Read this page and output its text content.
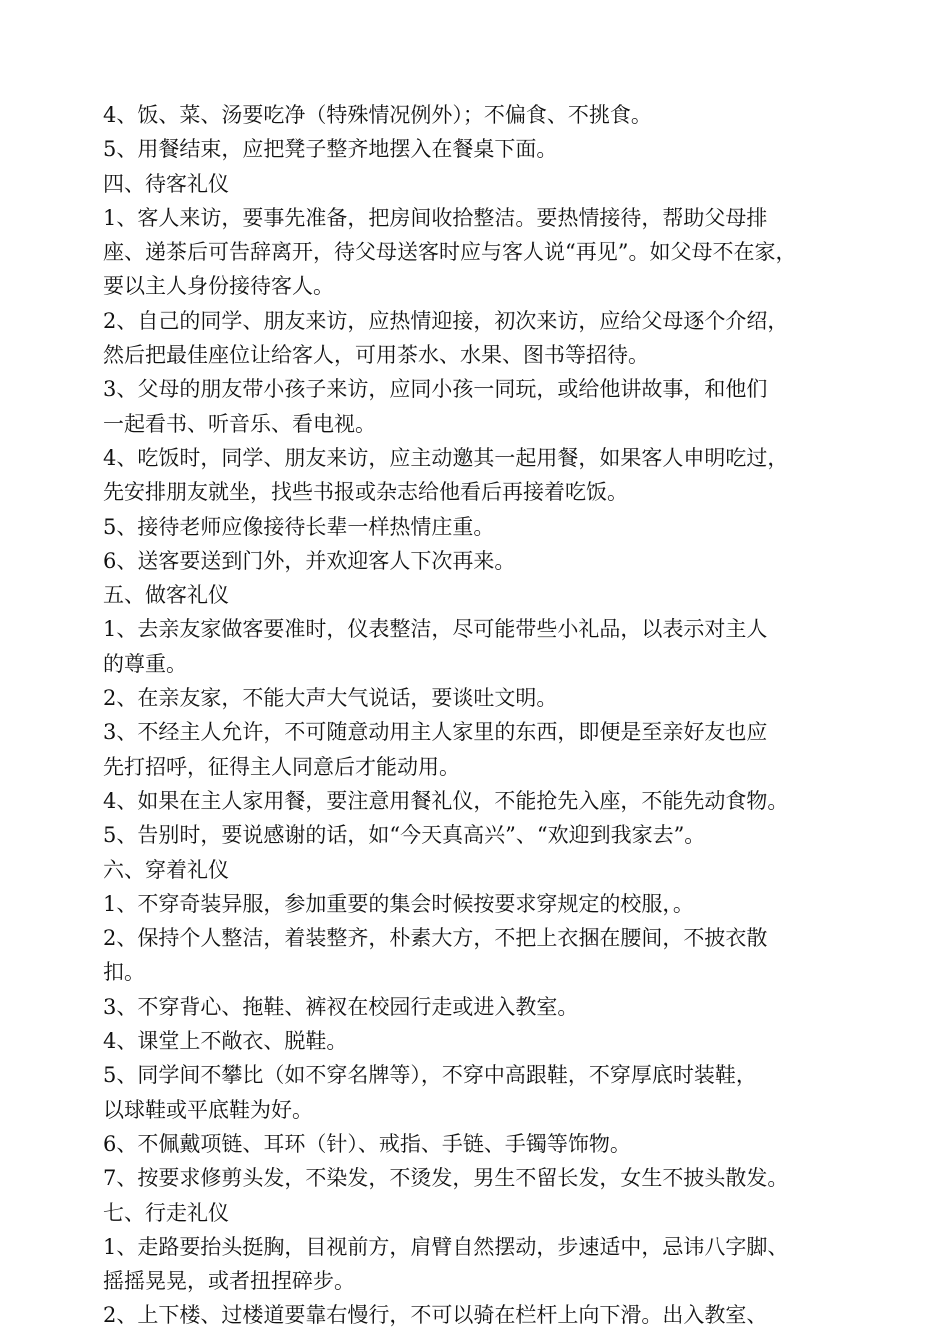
4、饭、菜、汤要吃净（特殊情况例外）；不偏食、不挑食。
5、用餐结束，应把凳子整齐地摆入在餐桌下面。
四、待客礼仪
1、客人来访，要事先准备，把房间收拾整洁。要热情接待，帮助父母排
座、递茶后可告辞离开，待父母送客时应与客人说“再见”。如父母不在家，
要以主人身份接待客人。
2、自己的同学、朋友来访，应热情迎接，初次来访，应给父母逐个介绍，
然后把最佳座位让给客人，可用茶水、水果、图书等招待。
3、父母的朋友带小孩子来访，应同小孩一同玩，或给他讲故事，和他们
一起看书、听音乐、看电视。
4、吃饭时，同学、朋友来访，应主动邀其一起用餐，如果客人申明吃过，
先安排朋友就坐，找些书报或杂志给他看后再接着吃饭。
5、接待老师应像接待长辈一样热情庄重。
6、送客要送到门外，并欢迎客人下次再来。
五、做客礼仪
1、去亲友家做客要准时，仪表整洁，尽可能带些小礼品，以表示对主人
的尊重。
2、在亲友家，不能大声大气说话，要谈吐文明。
3、不经主人允许，不可随意动用主人家里的东西，即便是至亲好友也应
先打招呼，征得主人同意后才能动用。
4、如果在主人家用餐，要注意用餐礼仪，不能抢先入座，不能先动食物。
5、告别时，要说感谢的话，如“今天真高兴”、“欢迎到我家去”。
六、穿着礼仪
1、不穿奇装异服，参加重要的集会时候按要求穿规定的校服，。
2、保持个人整洁，着装整齐，朴素大方，不把上衣捆在腰间，不披衣散
扣。
3、不穿背心、拖鞋、裤衩在校园行走或进入教室。
4、课堂上不敞衣、脱鞋。
5、同学间不攀比（如不穿名牌等），不穿中高跟鞋，不穿厚底时装鞋，
以球鞋或平底鞋为好。
6、不佩戴项链、耳环（针）、戒指、手链、手镯等饰物。
7、按要求修剪头发，不染发，不烫发，男生不留长发，女生不披头散发。
七、行走礼仪
1、走路要抬头挺胸，目视前方，肩臂自然摆动，步速适中，忌讳八字脚、
摇摇晃晃，或者扭捏碎步。
2、上下楼、过楼道要靠右慢行，不可以骑在栏杆上向下滑。出入教室、
